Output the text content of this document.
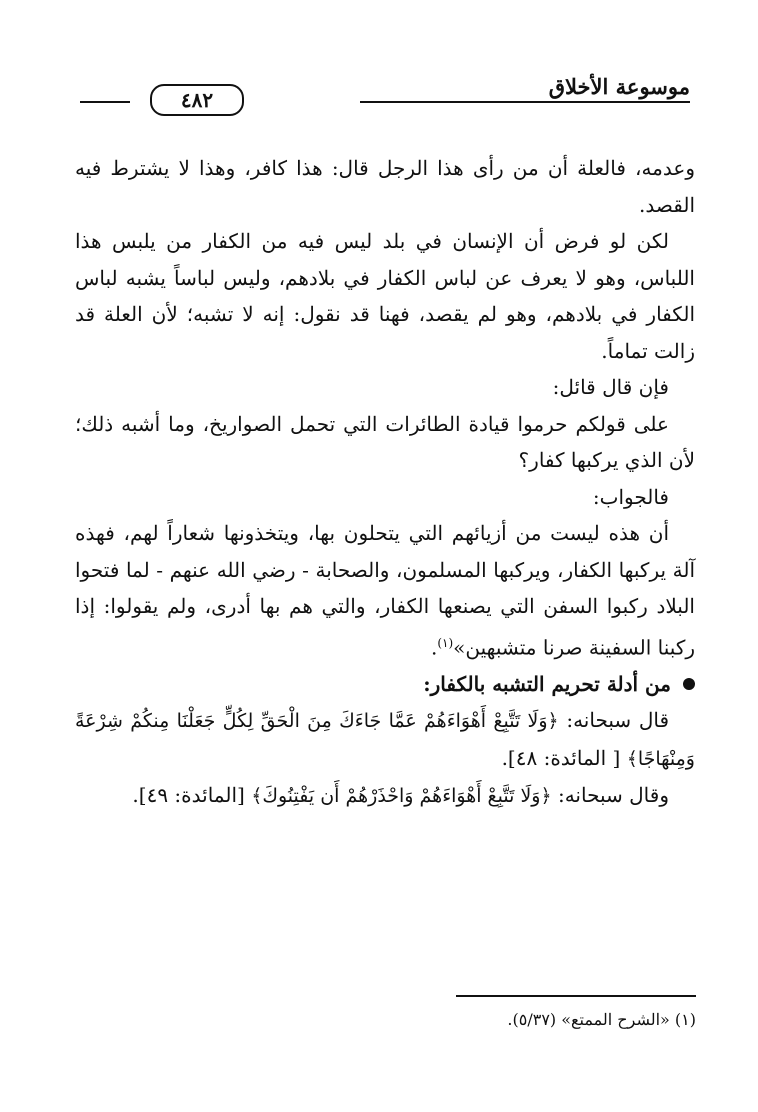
موسوعة الأخلاق
٤٨٢

وعدمه، فالعلة أن من رأى هذا الرجل قال: هذا كافر، وهذا لا يشترط فيه القصد.

لكن لو فرض أن الإنسان في بلد ليس فيه من الكفار من يلبس هذا اللباس، وهو لا يعرف عن لباس الكفار في بلادهم، وليس لباساً يشبه لباس الكفار في بلادهم، وهو لم يقصد، فهنا قد نقول: إنه لا تشبه؛ لأن العلة قد زالت تماماً.

فإن قال قائل:

على قولكم حرموا قيادة الطائرات التي تحمل الصواريخ، وما أشبه ذلك؛ لأن الذي يركبها كفار؟

فالجواب:

أن هذه ليست من أزيائهم التي يتحلون بها، ويتخذونها شعاراً لهم، فهذه آلة يركبها الكفار، ويركبها المسلمون، والصحابة - رضي الله عنهم - لما فتحوا البلاد ركبوا السفن التي يصنعها الكفار، والتي هم بها أدرى، ولم يقولوا: إذا ركبنا السفينة صرنا متشبهين»$^{(١)}$.

من أدلة تحريم التشبه بالكفار:

قال سبحانه: ﴿وَلَا تَتَّبِعْ أَهْوَاءَهُمْ عَمَّا جَاءَكَ مِنَ الْحَقِّ لِكُلٍّ جَعَلْنَا مِنكُمْ شِرْعَةً وَمِنْهَاجًا﴾ [ المائدة: ٤٨].

وقال سبحانه: ﴿وَلَا تَتَّبِعْ أَهْوَاءَهُمْ وَاحْذَرْهُمْ أَن يَفْتِنُوكَ﴾ [المائدة: ٤٩].

(١) «الشرح الممتع» (٥/٣٧).
